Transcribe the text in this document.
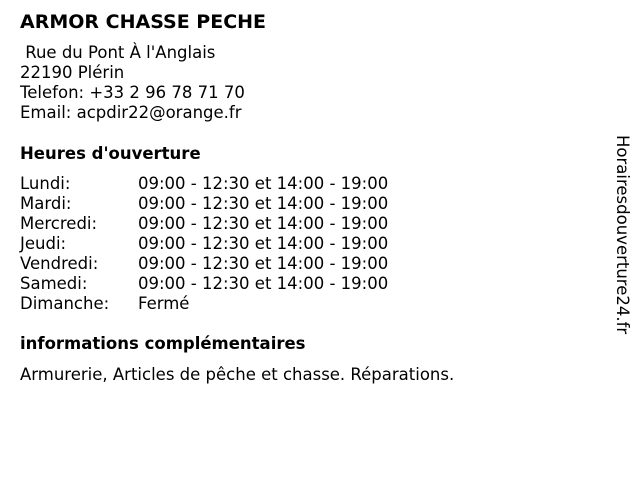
ARMOR CHASSE PECHE
Rue du Pont À l'Anglais
22190 Plérin
Telefon: +33 2 96 78 71 70
Email: acpdir22@orange.fr
Heures d'ouverture
Lundi:	09:00 - 12:30 et 14:00 - 19:00
Mardi:	09:00 - 12:30 et 14:00 - 19:00
Mercredi:	09:00 - 12:30 et 14:00 - 19:00
Jeudi:	09:00 - 12:30 et 14:00 - 19:00
Vendredi:	09:00 - 12:30 et 14:00 - 19:00
Samedi:	09:00 - 12:30 et 14:00 - 19:00
Dimanche:	Fermé
informations complémentaires

Armurerie, Articles de pêche et chasse. Réparations.

Horairesdouverture24.fr
